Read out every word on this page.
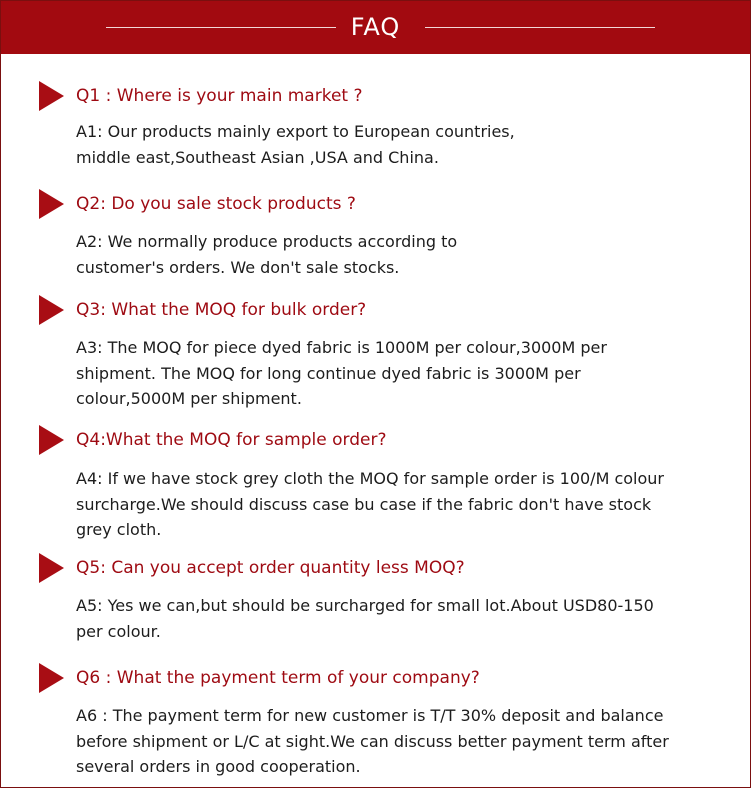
FAQ
Q1 : Where is your main market ?
A1: Our products mainly export to European countries,
middle east,Southeast Asian ,USA and China.
Q2: Do you sale stock products ?
A2: We normally produce products according to
customer's orders. We don't sale stocks.
Q3: What the MOQ for bulk order?
A3: The MOQ for piece dyed fabric is 1000M per colour,3000M per
shipment. The MOQ for long continue dyed fabric is 3000M per
colour,5000M per shipment.
Q4:What the MOQ for sample order?
A4: If we have stock grey cloth the MOQ for sample order is 100/M colour
surcharge.We should discuss case bu case if the fabric don't have stock
grey cloth.
Q5: Can you accept order quantity less MOQ?
A5: Yes we can,but should be surcharged for small lot.About USD80-150
per colour.
Q6 : What the payment term of your company?
A6 : The payment term for new customer is T/T 30% deposit and balance
before shipment or L/C at sight.We can discuss better payment term after
several orders in good cooperation.
